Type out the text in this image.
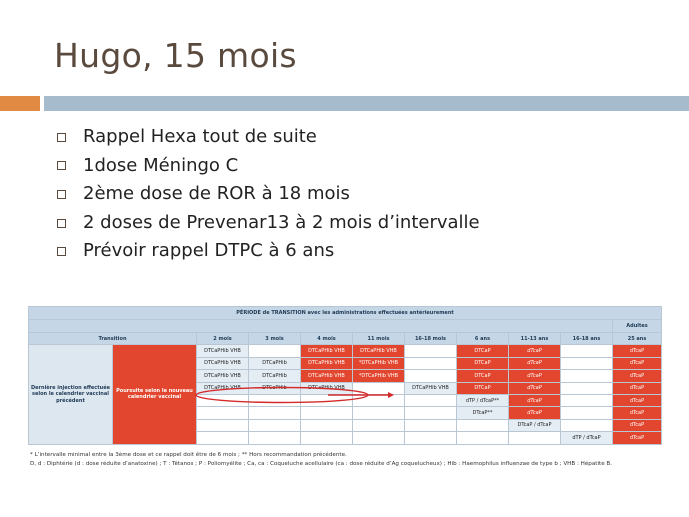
Hugo, 15 mois
Rappel Hexa tout de suite
1dose Méningo C
2ème dose de ROR à 18 mois
2 doses de Prevenar13 à 2 mois d’intervalle
Prévoir rappel DTPC à 6 ans
PÉRIODE de TRANSITION avec les administrations effectuées antérieurement										
										Adultes
Transition		2 mois	3 mois	4 mois	11 mois	16-18 mois	6 ans	11-13 ans	16-18 ans	25 ans
Dernière injection effectuée selon le calendrier vaccinal précédent	Poursuite selon le nouveau calendrier vaccinal	DTCaPHib VHB		DTCaPHib VHB	DTCaPHib VHB		DTCaP	dTcaP		dTcaP
		DTCaPHib VHB	DTCaPHib	DTCaPHib VHB	*DTCaPHib VHB		DTCaP	dTcaP		dTcaP
		DTCaPHib VHB	DTCaPHib	DTCaPHib VHB	*DTCaPHib VHB		DTCaP	dTcaP		dTcaP
		DTCaPHib VHB	DTCaPHib	DTCaPHib VHB		DTCaPHib VHB	DTCaP	dTcaP		dTcaP
							dTP / dTcaP**	dTcaP		dTcaP
							DTcaP**	dTcaP		dTcaP
								DTcaP / dTcaP		dTcaP
									dTP / dTcaP	dTcaP
* L’intervalle minimal entre la 3ème dose et ce rappel doit être de 6 mois ; ** Hors recommandation précédente.
D, d : Diphtérie (d : dose réduite d’anatoxine) ; T : Tétanos ; P : Poliomyélite ; Ca, ca : Coqueluche acellulaire (ca : dose réduite d’Ag coquelucheux) ; Hib : Haemophilus influenzae de type b ; VHB : Hépatite B.
